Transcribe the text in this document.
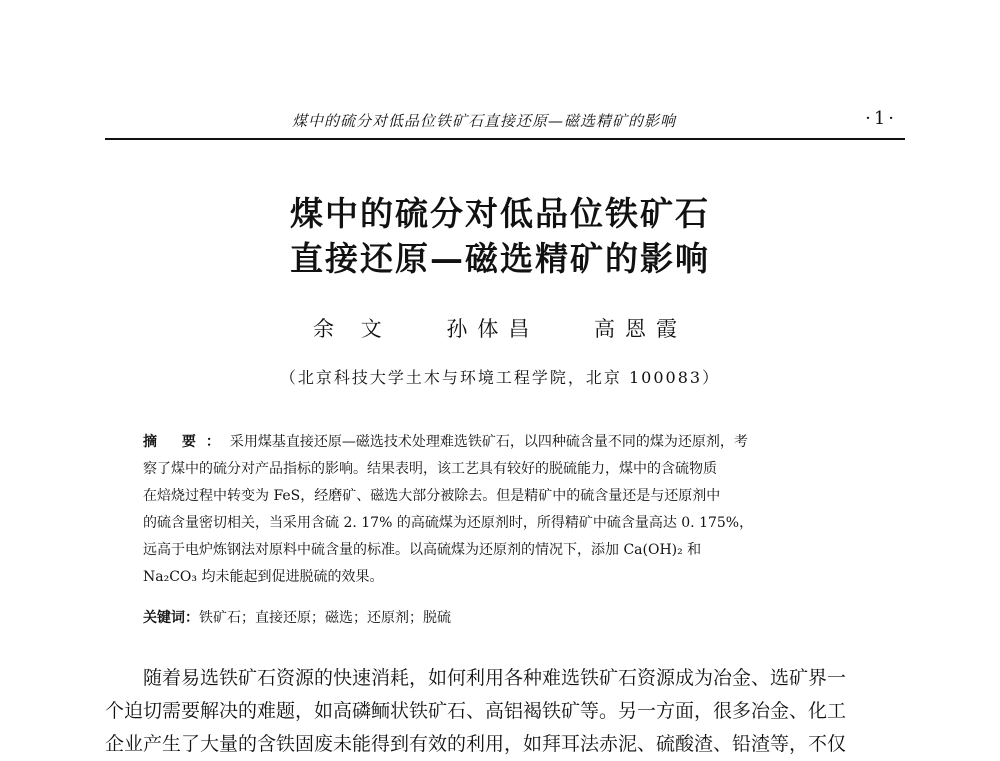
煤中的硫分对低品位铁矿石直接还原—磁选精矿的影响	·1·
煤中的硫分对低品位铁矿石
直接还原—磁选精矿的影响
余 文	孙体昌	高恩霞
（北京科技大学土木与环境工程学院，北京 100083）
摘 要：采用煤基直接还原—磁选技术处理难选铁矿石，以四种硫含量不同的煤为还原剂，考
察了煤中的硫分对产品指标的影响。结果表明，该工艺具有较好的脱硫能力，煤中的含硫物质
在焙烧过程中转变为 FeS，经磨矿、磁选大部分被除去。但是精矿中的硫含量还是与还原剂中
的硫含量密切相关，当采用含硫 2. 17% 的高硫煤为还原剂时，所得精矿中硫含量高达 0. 175%，
远高于电炉炼钢法对原料中硫含量的标准。以高硫煤为还原剂的情况下，添加 Ca(OH)₂ 和
Na₂CO₃ 均未能起到促进脱硫的效果。
关键词：铁矿石；直接还原；磁选；还原剂；脱硫
随着易选铁矿石资源的快速消耗，如何利用各种难选铁矿石资源成为冶金、选矿界一
个迫切需要解决的难题，如高磷鲕状铁矿石、高铝褐铁矿等。另一方面，很多冶金、化工
企业产生了大量的含铁固废未能得到有效的利用，如拜耳法赤泥、硫酸渣、铅渣等，不仅
